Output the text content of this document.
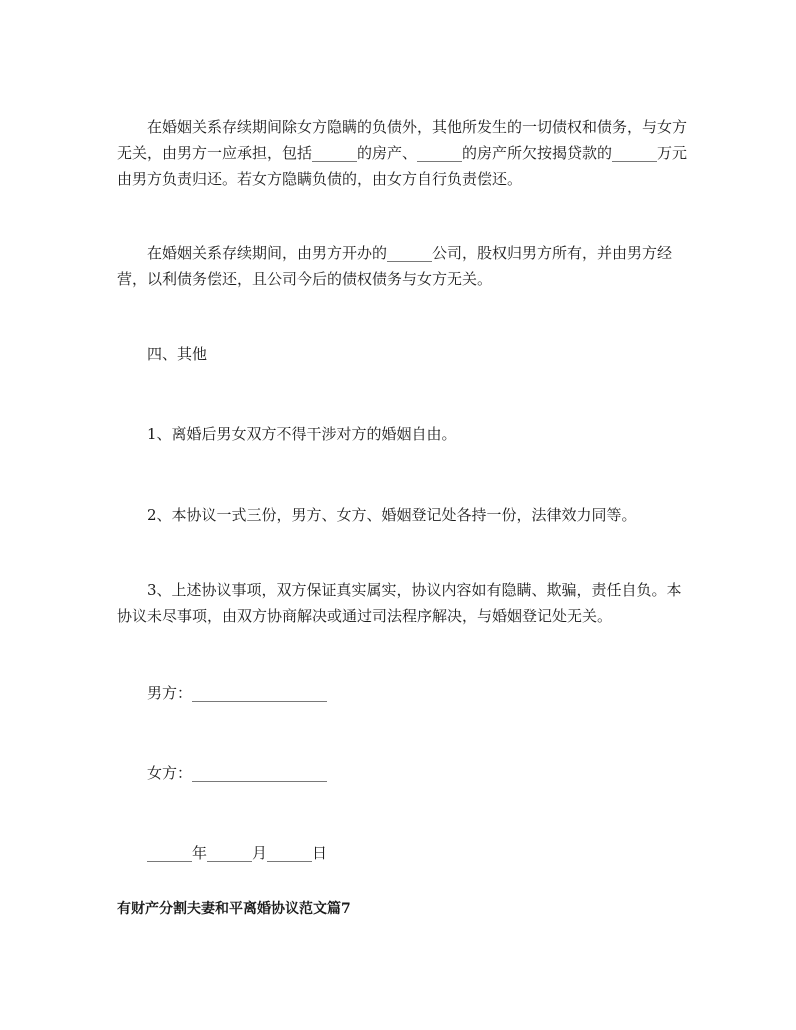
在婚姻关系存续期间除女方隐瞒的负债外，其他所发生的一切债权和债务，与女方无关，由男方一应承担，包括______的房产、______的房产所欠按揭贷款的______万元由男方负责归还。若女方隐瞒负债的，由女方自行负责偿还。

在婚姻关系存续期间，由男方开办的______公司，股权归男方所有，并由男方经营，以利债务偿还，且公司今后的债权债务与女方无关。

四、其他

1、离婚后男女双方不得干涉对方的婚姻自由。

2、本协议一式三份，男方、女方、婚姻登记处各持一份，法律效力同等。

3、上述协议事项，双方保证真实属实，协议内容如有隐瞒、欺骗，责任自负。本协议未尽事项，由双方协商解决或通过司法程序解决，与婚姻登记处无关。

男方：__________________

女方：__________________

______年______月______日

有财产分割夫妻和平离婚协议范文篇7
